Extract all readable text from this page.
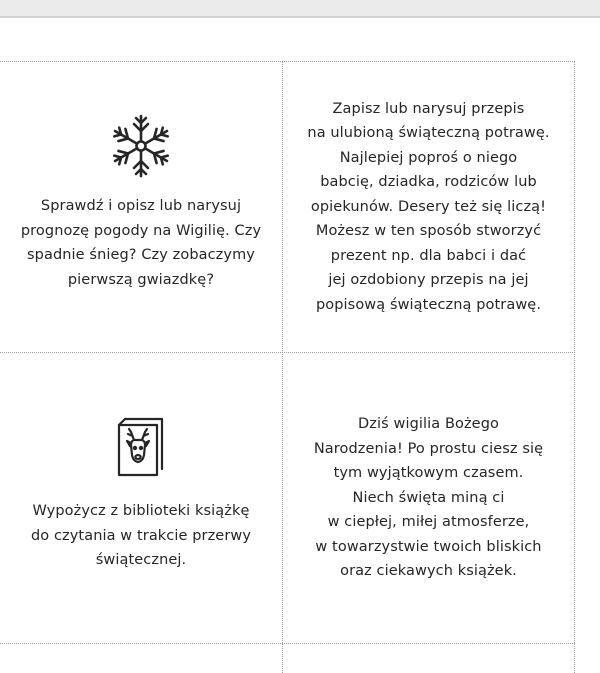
Sprawdź i opisz lub narysuj
prognozę pogody na Wigilię. Czy
spadnie śnieg? Czy zobaczymy
pierwszą gwiazdkę?
Zapisz lub narysuj przepis
na ulubioną świąteczną potrawę.
Najlepiej poproś o niego
babcię, dziadka, rodziców lub
opiekunów. Desery też się liczą!
Możesz w ten sposób stworzyć
prezent np. dla babci i dać
jej ozdobiony przepis na jej
popisową świąteczną potrawę.
Wypożycz z biblioteki książkę
do czytania w trakcie przerwy
świątecznej.
Dziś wigilia Bożego
Narodzenia! Po prostu ciesz się
tym wyjątkowym czasem.
Niech święta miną ci
w ciepłej, miłej atmosferze,
w towarzystwie twoich bliskich
oraz ciekawych książek.
